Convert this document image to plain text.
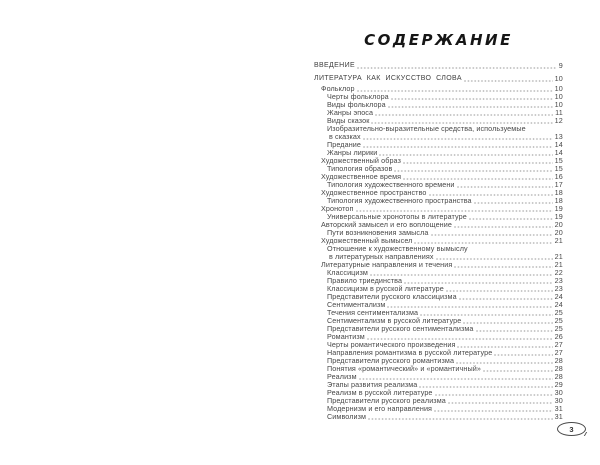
СОДЕРЖАНИЕ
ВВЕДЕНИЕ	9
ЛИТЕРАТУРА КАК ИСКУССТВО СЛОВА	10
Фольклор	10
Черты фольклора	10
Виды фольклора	10
Жанры эпоса	11
Виды сказок	12
Изобразительно-выразительные средства, используемые
в сказках	13
Предание	14
Жанры лирики	14
Художественный образ	15
Типология образов	15
Художественное время	16
Типология художественного времени	17
Художественное пространство	18
Типология художественного пространства	18
Хронотоп	19
Универсальные хронотопы в литературе	19
Авторский замысел и его воплощение	20
Пути возникновения замысла	20
Художественный вымысел	21
Отношение к художественному вымыслу
в литературных направлениях	21
Литературные направления и течения	21
Классицизм	22
Правило триединства	23
Классицизм в русской литературе	23
Представители русского классицизма	24
Сентиментализм	24
Течения сентиментализма	25
Сентиментализм в русской литературе	25
Представители русского сентиментализма	25
Романтизм	26
Черты романтического произведения	27
Направления романтизма в русской литературе	27
Представители русского романтизма	28
Понятия «романтический» и «романтичный»	28
Реализм	28
Этапы развития реализма	29
Реализм в русской литературе	30
Представители русского реализма	30
Модернизм и его направления	31
Символизм	31
3
